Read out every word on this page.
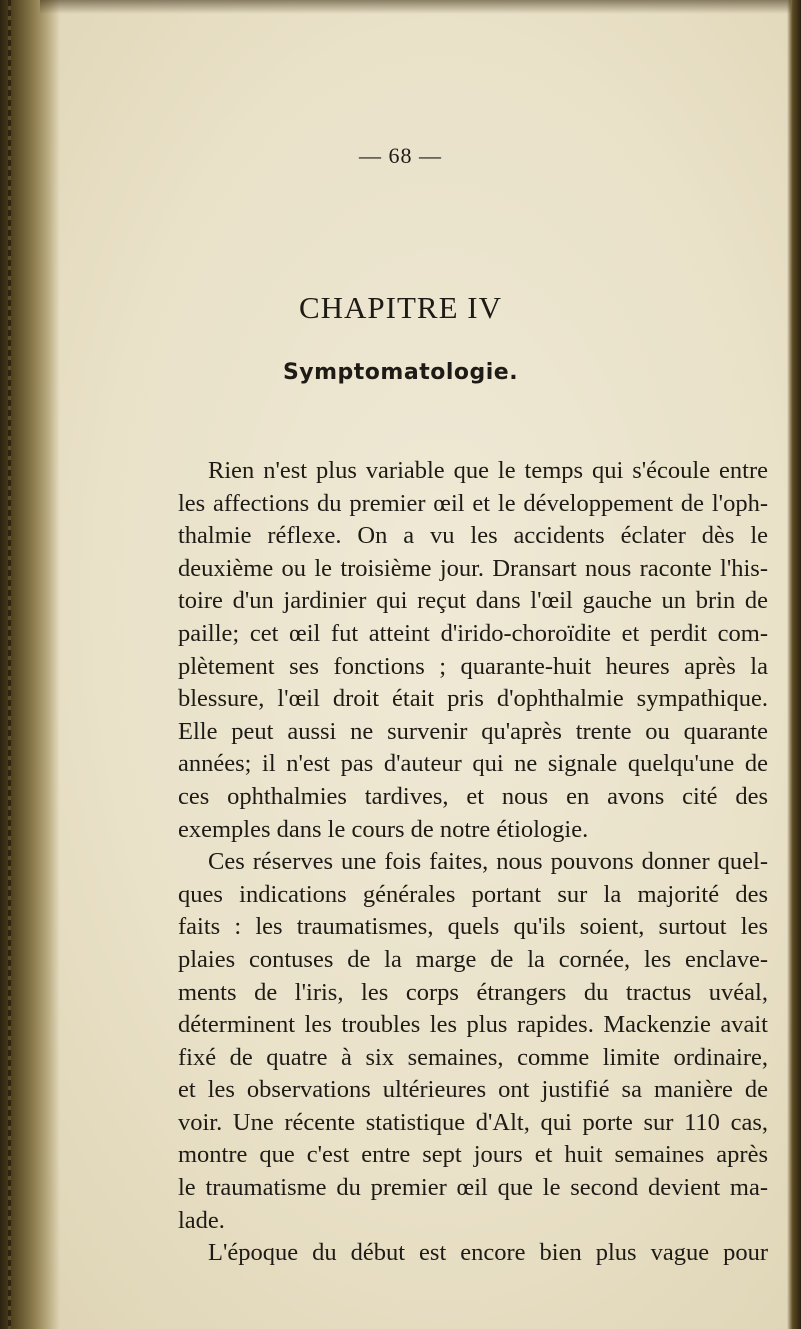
— 68 —
CHAPITRE IV
Symptomatologie.
Rien n'est plus variable que le temps qui s'écoule entre
les affections du premier œil et le développement de l'oph-
thalmie réflexe. On a vu les accidents éclater dès le
deuxième ou le troisième jour. Dransart nous raconte l'his-
toire d'un jardinier qui reçut dans l'œil gauche un brin de
paille; cet œil fut atteint d'irido-choroïdite et perdit com-
plètement ses fonctions ; quarante-huit heures après la
blessure, l'œil droit était pris d'ophthalmie sympathique.
Elle peut aussi ne survenir qu'après trente ou quarante
années; il n'est pas d'auteur qui ne signale quelqu'une de
ces ophthalmies tardives, et nous en avons cité des
exemples dans le cours de notre étiologie.
Ces réserves une fois faites, nous pouvons donner quel-
ques indications générales portant sur la majorité des
faits : les traumatismes, quels qu'ils soient, surtout les
plaies contuses de la marge de la cornée, les enclave-
ments de l'iris, les corps étrangers du tractus uvéal,
déterminent les troubles les plus rapides. Mackenzie avait
fixé de quatre à six semaines, comme limite ordinaire,
et les observations ultérieures ont justifié sa manière de
voir. Une récente statistique d'Alt, qui porte sur 110 cas,
montre que c'est entre sept jours et huit semaines après
le traumatisme du premier œil que le second devient ma-
lade.
L'époque du début est encore bien plus vague pour
